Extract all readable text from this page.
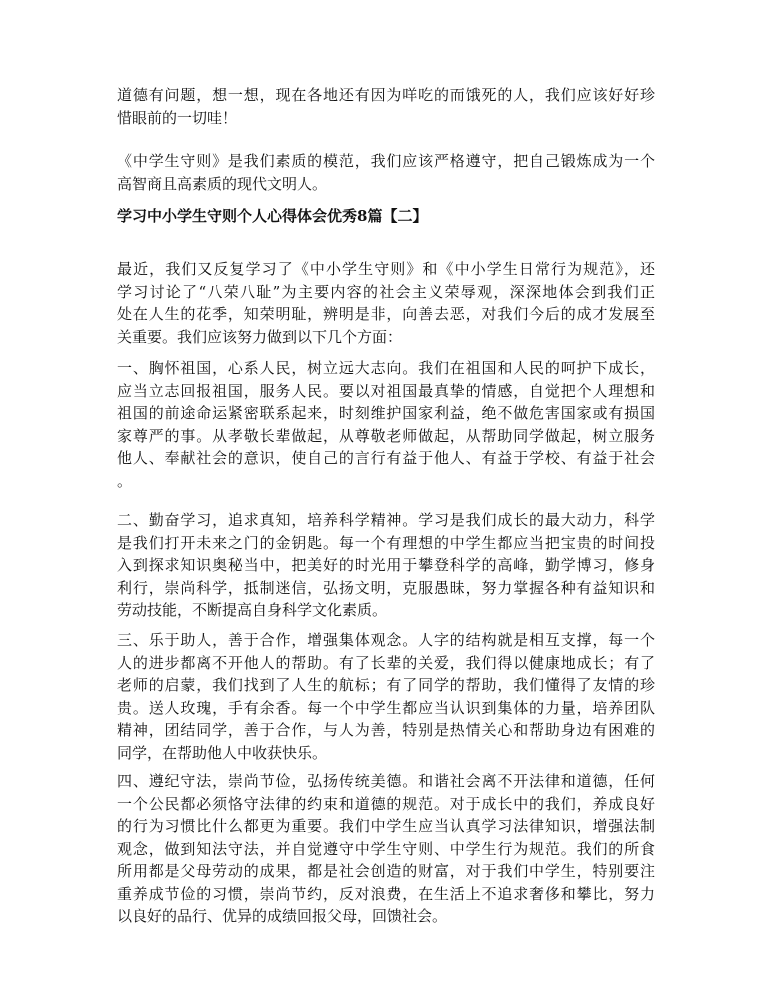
道德有问题，想一想，现在各地还有因为咩吃的而饿死的人，我们应该好好珍
惜眼前的一切哇！
《中学生守则》是我们素质的模范，我们应该严格遵守，把自己锻炼成为一个
高智商且高素质的现代文明人。
学习中小学生守则个人心得体会优秀8篇【二】
最近，我们又反复学习了《中小学生守则》和《中小学生日常行为规范》，还
学习讨论了“八荣八耻”为主要内容的社会主义荣辱观，深深地体会到我们正
处在人生的花季，知荣明耻，辨明是非，向善去恶，对我们今后的成才发展至
关重要。我们应该努力做到以下几个方面：
一、胸怀祖国，心系人民，树立远大志向。我们在祖国和人民的呵护下成长，
应当立志回报祖国，服务人民。要以对祖国最真挚的情感，自觉把个人理想和
祖国的前途命运紧密联系起来，时刻维护国家利益，绝不做危害国家或有损国
家尊严的事。从孝敬长辈做起，从尊敬老师做起，从帮助同学做起，树立服务
他人、奉献社会的意识，使自己的言行有益于他人、有益于学校、有益于社会
。
二、勤奋学习，追求真知，培养科学精神。学习是我们成长的最大动力，科学
是我们打开未来之门的金钥匙。每一个有理想的中学生都应当把宝贵的时间投
入到探求知识奥秘当中，把美好的时光用于攀登科学的高峰，勤学博习，修身
利行，崇尚科学，抵制迷信，弘扬文明，克服愚昧，努力掌握各种有益知识和
劳动技能，不断提高自身科学文化素质。
三、乐于助人，善于合作，增强集体观念。人字的结构就是相互支撑，每一个
人的进步都离不开他人的帮助。有了长辈的关爱，我们得以健康地成长；有了
老师的启蒙，我们找到了人生的航标；有了同学的帮助，我们懂得了友情的珍
贵。送人玫瑰，手有余香。每一个中学生都应当认识到集体的力量，培养团队
精神，团结同学，善于合作，与人为善，特别是热情关心和帮助身边有困难的
同学，在帮助他人中收获快乐。
四、遵纪守法，崇尚节俭，弘扬传统美德。和谐社会离不开法律和道德，任何
一个公民都必须恪守法律的约束和道德的规范。对于成长中的我们，养成良好
的行为习惯比什么都更为重要。我们中学生应当认真学习法律知识，增强法制
观念，做到知法守法，并自觉遵守中学生守则、中学生行为规范。我们的所食
所用都是父母劳动的成果，都是社会创造的财富，对于我们中学生，特别要注
重养成节俭的习惯，崇尚节约，反对浪费，在生活上不追求奢侈和攀比，努力
以良好的品行、优异的成绩回报父母，回馈社会。
